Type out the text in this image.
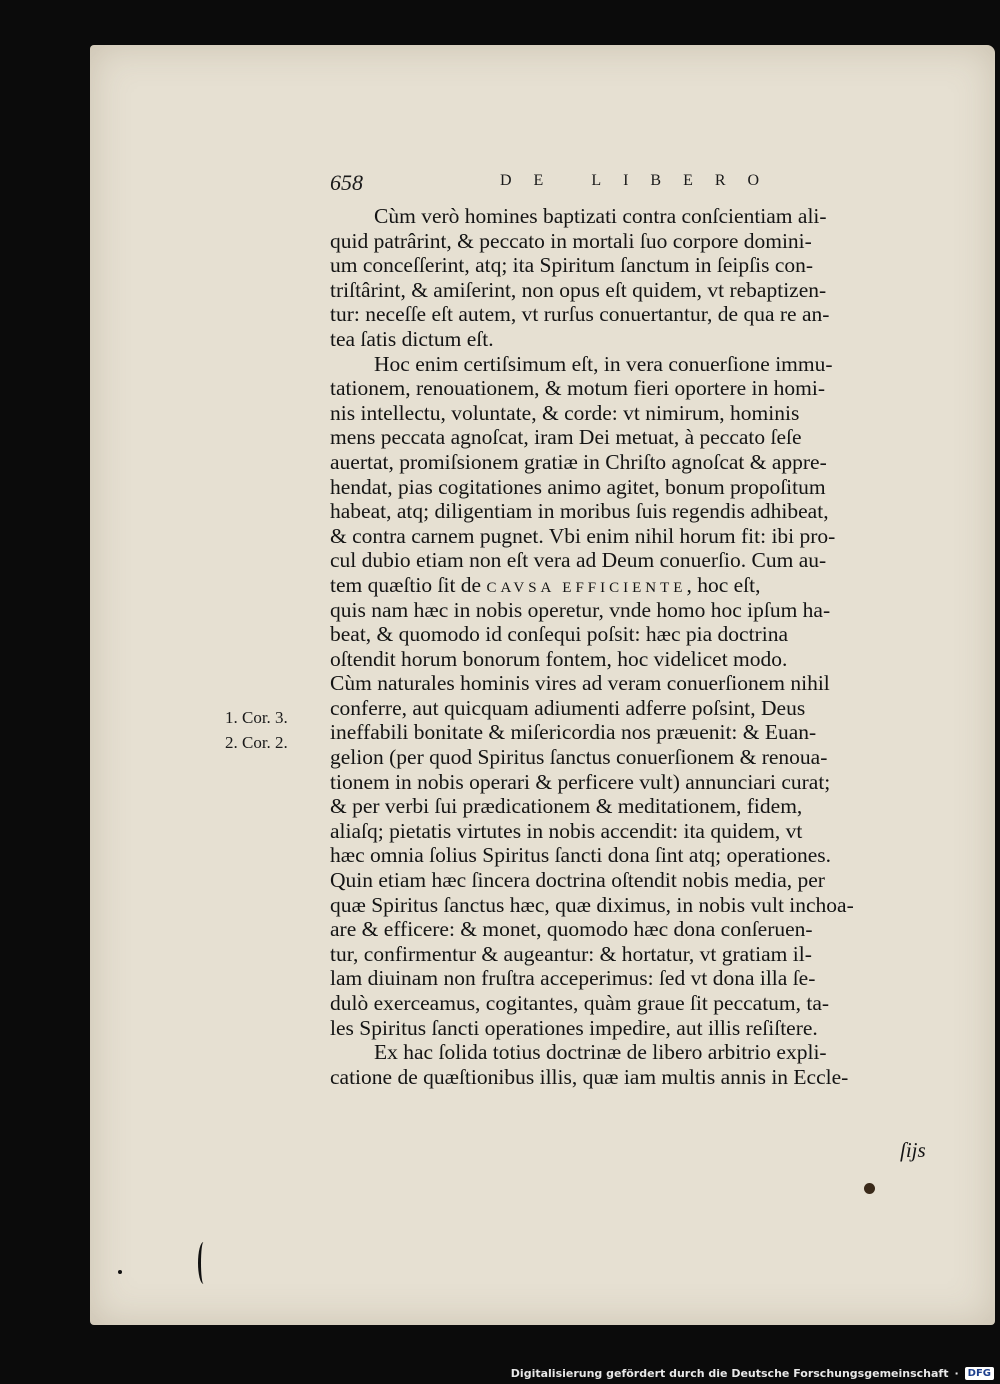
658	DE LIBERO
1. Cor. 3.
2. Cor. 2.
Cùm verò homines baptizati contra conſcientiam ali-
quid patrârint, & peccato in mortali ſuo corpore domini-
um conceſſerint, atq; ita Spiritum ſanctum in ſeipſis con-
triſtârint, & amiſerint, non opus eſt quidem, vt rebaptizen-
tur: neceſſe eſt autem, vt rurſus conuertantur, de qua re an-
tea ſatis dictum eſt.
Hoc enim certiſsimum eſt, in vera conuerſione immu-
tationem, renouationem, & motum fieri oportere in homi-
nis intellectu, voluntate, & corde: vt nimirum, hominis
mens peccata agnoſcat, iram Dei metuat, à peccato ſeſe
auertat, promiſsionem gratiæ in Chriſto agnoſcat & appre-
hendat, pias cogitationes animo agitet, bonum propoſitum
habeat, atq; diligentiam in moribus ſuis regendis adhibeat,
& contra carnem pugnet. Vbi enim nihil horum fit: ibi pro-
cul dubio etiam non eſt vera ad Deum conuerſio. Cum au-
tem quæſtio ſit de CAVSA EFFICIENTE, hoc eſt,
quis nam hæc in nobis operetur, vnde homo hoc ipſum ha-
beat, & quomodo id conſequi poſsit: hæc pia doctrina
oſtendit horum bonorum fontem, hoc videlicet modo.
Cùm naturales hominis vires ad veram conuerſionem nihil
conferre, aut quicquam adiumenti adferre poſsint, Deus
ineffabili bonitate & miſericordia nos præuenit: & Euan-
gelion (per quod Spiritus ſanctus conuerſionem & renoua-
tionem in nobis operari & perficere vult) annunciari curat;
& per verbi ſui prædicationem & meditationem, fidem,
aliaſq; pietatis virtutes in nobis accendit: ita quidem, vt
hæc omnia ſolius Spiritus ſancti dona ſint atq; operationes.
Quin etiam hæc ſincera doctrina oſtendit nobis media, per
quæ Spiritus ſanctus hæc, quæ diximus, in nobis vult inchoa-
are & efficere: & monet, quomodo hæc dona conſeruen-
tur, confirmentur & augeantur: & hortatur, vt gratiam il-
lam diuinam non fruſtra acceperimus: ſed vt dona illa ſe-
dulò exerceamus, cogitantes, quàm graue ſit peccatum, ta-
les Spiritus ſancti operationes impedire, aut illis reſiſtere.
Ex hac ſolida totius doctrinæ de libero arbitrio expli-
catione de quæſtionibus illis, quæ iam multis annis in Eccle-
ſijs
Digitalisierung gefördert durch die Deutsche Forschungsgemeinschaft · DFG
